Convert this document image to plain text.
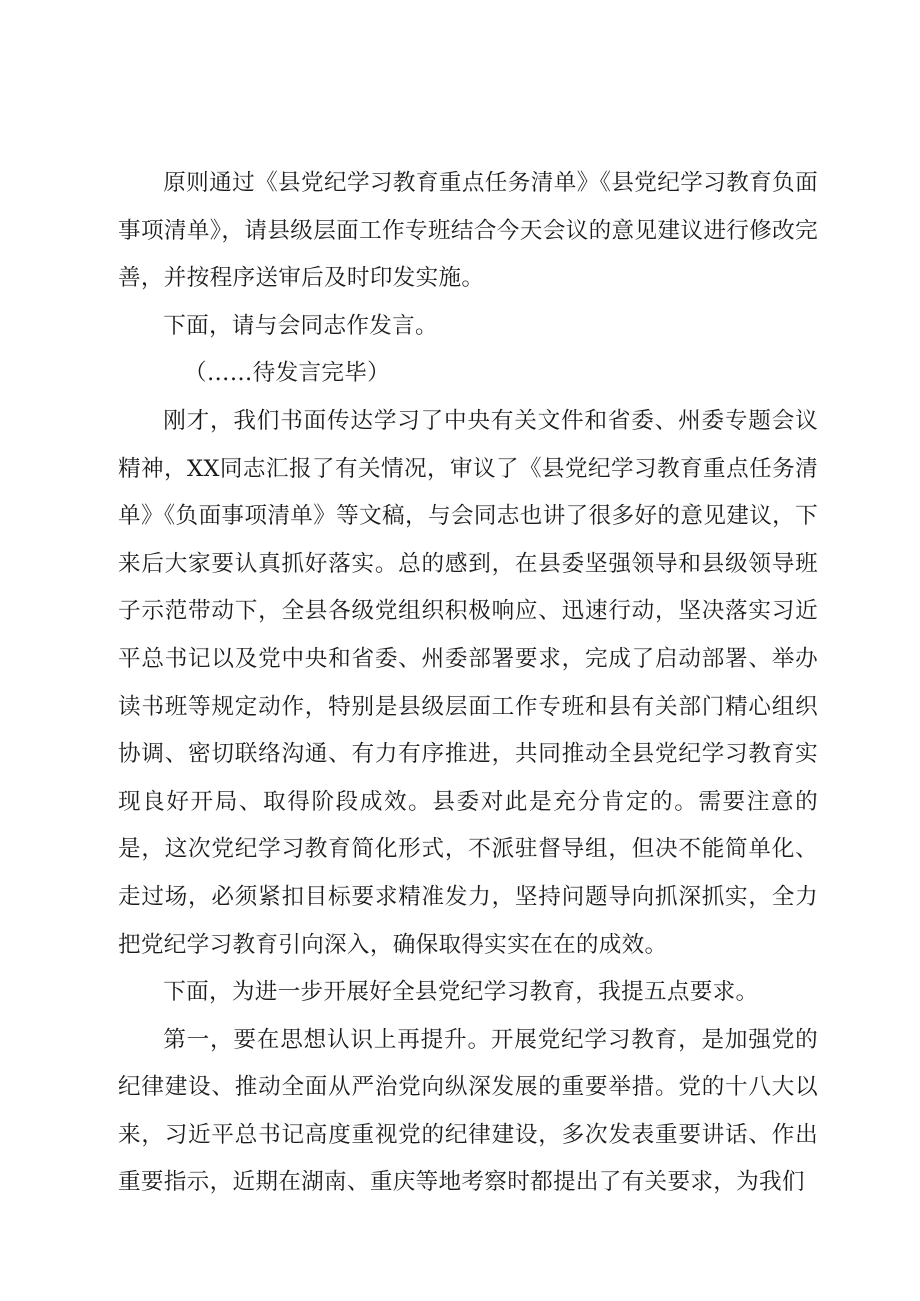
原则通过《县党纪学习教育重点任务清单》《县党纪学习教育负面事项清单》，请县级层面工作专班结合今天会议的意见建议进行修改完善，并按程序送审后及时印发实施。

下面，请与会同志作发言。

（……待发言完毕）

刚才，我们书面传达学习了中央有关文件和省委、州委专题会议精神，XX同志汇报了有关情况，审议了《县党纪学习教育重点任务清单》《负面事项清单》等文稿，与会同志也讲了很多好的意见建议，下来后大家要认真抓好落实。总的感到，在县委坚强领导和县级领导班子示范带动下，全县各级党组织积极响应、迅速行动，坚决落实习近平总书记以及党中央和省委、州委部署要求，完成了启动部署、举办读书班等规定动作，特别是县级层面工作专班和县有关部门精心组织协调、密切联络沟通、有力有序推进，共同推动全县党纪学习教育实现良好开局、取得阶段成效。县委对此是充分肯定的。需要注意的是，这次党纪学习教育简化形式，不派驻督导组，但决不能简单化、走过场，必须紧扣目标要求精准发力，坚持问题导向抓深抓实，全力把党纪学习教育引向深入，确保取得实实在在的成效。

下面，为进一步开展好全县党纪学习教育，我提五点要求。

第一，要在思想认识上再提升。开展党纪学习教育，是加强党的纪律建设、推动全面从严治党向纵深发展的重要举措。党的十八大以来，习近平总书记高度重视党的纪律建设，多次发表重要讲话、作出重要指示，近期在湖南、重庆等地考察时都提出了有关要求，为我们
